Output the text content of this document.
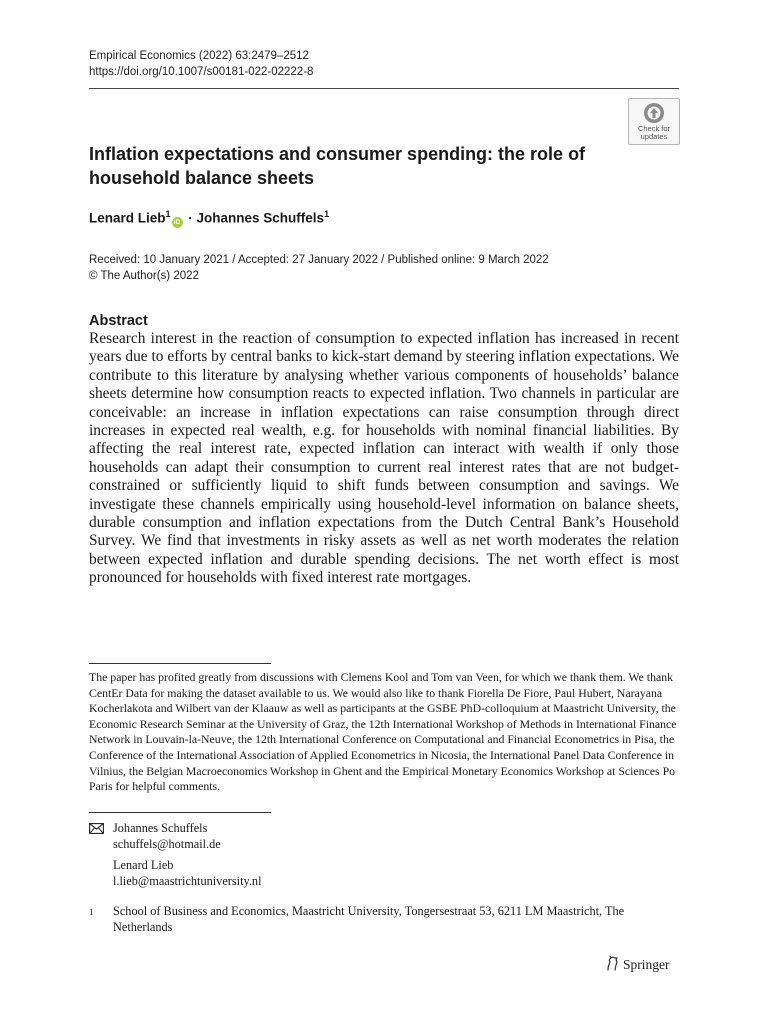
Empirical Economics (2022) 63:2479–2512
https://doi.org/10.1007/s00181-022-02222-8
Check for
updates
Inflation expectations and consumer spending: the role of household balance sheets
Lenard Lieb$^1$iD · Johannes Schuffels$^1$
Received: 10 January 2021 / Accepted: 27 January 2022 / Published online: 9 March 2022
© The Author(s) 2022
Abstract
Research interest in the reaction of consumption to expected inflation has increased in recent years due to efforts by central banks to kick-start demand by steering inflation expectations. We contribute to this literature by analysing whether various components of households’ balance sheets determine how consumption reacts to expected inflation. Two channels in particular are conceivable: an increase in inflation expectations can raise consumption through direct increases in expected real wealth, e.g. for households with nominal financial liabilities. By affecting the real interest rate, expected inflation can interact with wealth if only those households can adapt their consumption to current real interest rates that are not budget-constrained or sufficiently liquid to shift funds between consumption and savings. We investigate these channels empirically using household-level information on balance sheets, durable consumption and inflation expectations from the Dutch Central Bank’s Household Survey. We find that investments in risky assets as well as net worth moderates the relation between expected inflation and durable spending decisions. The net worth effect is most pronounced for households with fixed interest rate mortgages.
The paper has profited greatly from discussions with Clemens Kool and Tom van Veen, for which we thank them. We thank CentEr Data for making the dataset available to us. We would also like to thank Fiorella De Fiore, Paul Hubert, Narayana Kocherlakota and Wilbert van der Klaauw as well as participants at the GSBE PhD-colloquium at Maastricht University, the Economic Research Seminar at the University of Graz, the 12th International Workshop of Methods in International Finance Network in Louvain-la-Neuve, the 12th International Conference on Computational and Financial Econometrics in Pisa, the Conference of the International Association of Applied Econometrics in Nicosia, the International Panel Data Conference in Vilnius, the Belgian Macroeconomics Workshop in Ghent and the Empirical Monetary Economics Workshop at Sciences Po Paris for helpful comments.
Johannes Schuffels
schuffels@hotmail.de
Lenard Lieb
l.lieb@maastrichtuniversity.nl
1 School of Business and Economics, Maastricht University, Tongersestraat 53, 6211 LM Maastricht, The Netherlands
Springer
